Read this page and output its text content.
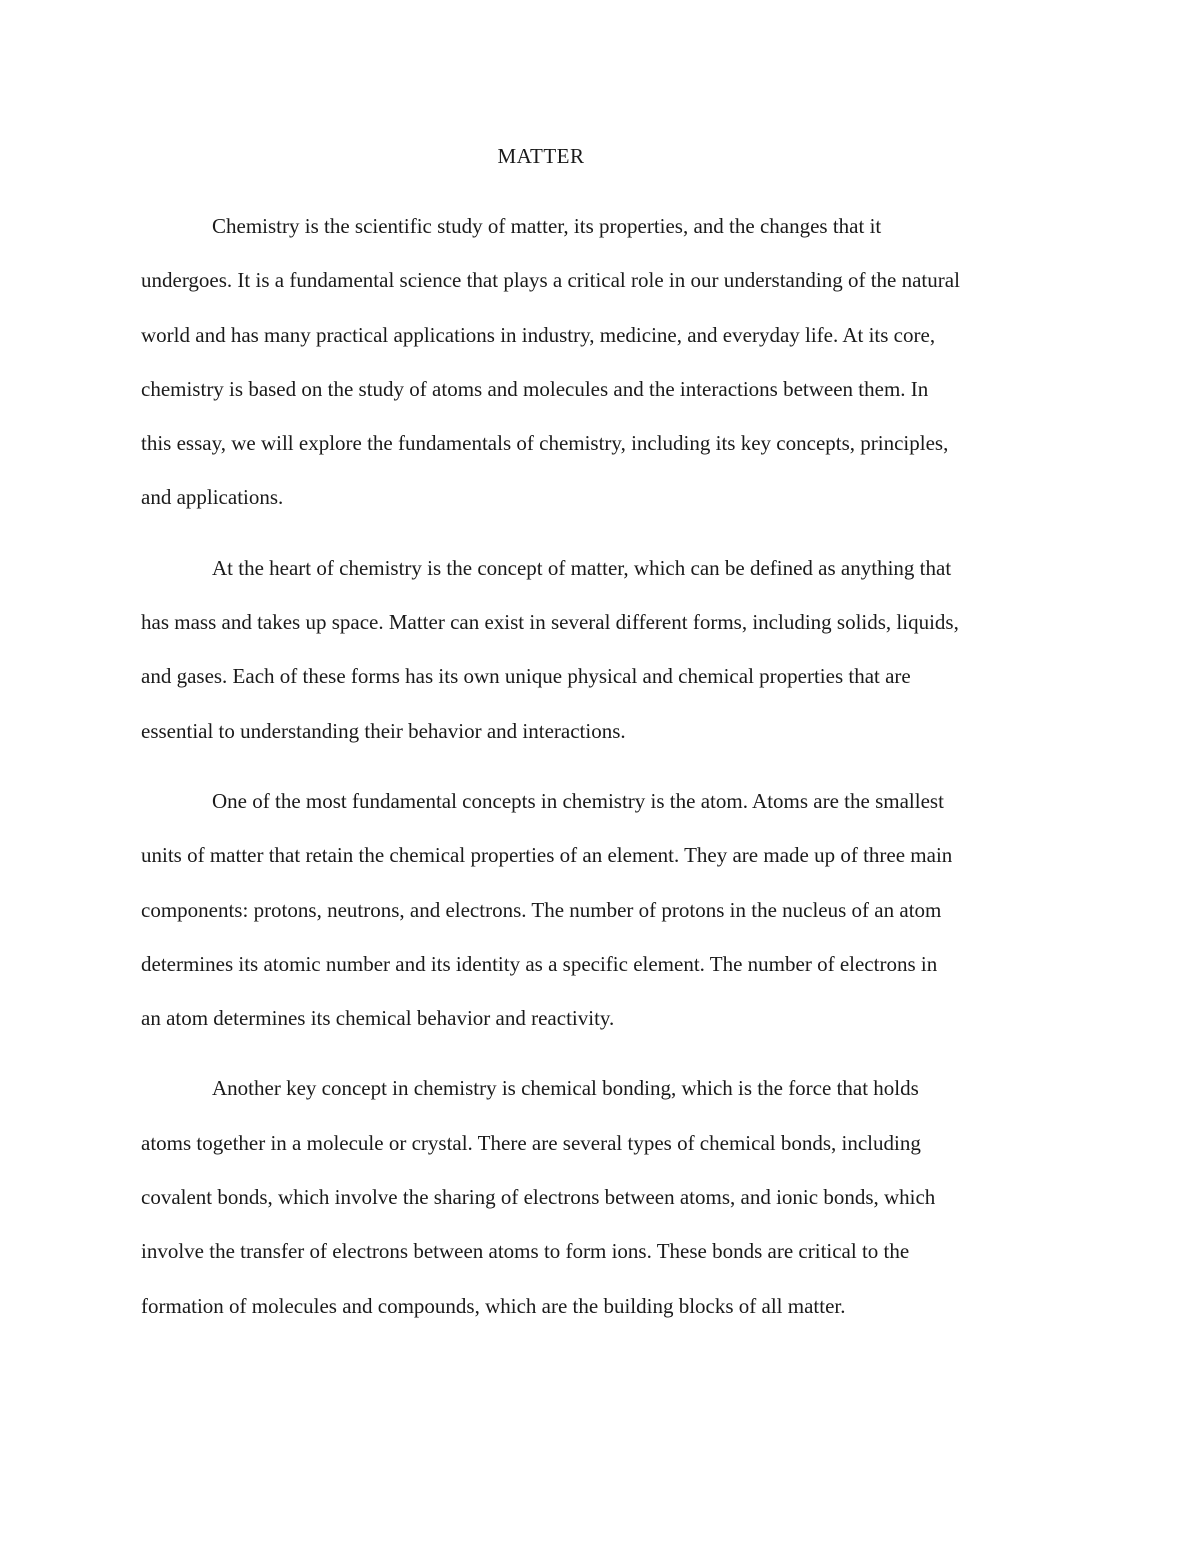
MATTER
Chemistry is the scientific study of matter, its properties, and the changes that it
undergoes. It is a fundamental science that plays a critical role in our understanding of the natural
world and has many practical applications in industry, medicine, and everyday life. At its core,
chemistry is based on the study of atoms and molecules and the interactions between them. In
this essay, we will explore the fundamentals of chemistry, including its key concepts, principles,
and applications.
At the heart of chemistry is the concept of matter, which can be defined as anything that
has mass and takes up space. Matter can exist in several different forms, including solids, liquids,
and gases. Each of these forms has its own unique physical and chemical properties that are
essential to understanding their behavior and interactions.
One of the most fundamental concepts in chemistry is the atom. Atoms are the smallest
units of matter that retain the chemical properties of an element. They are made up of three main
components: protons, neutrons, and electrons. The number of protons in the nucleus of an atom
determines its atomic number and its identity as a specific element. The number of electrons in
an atom determines its chemical behavior and reactivity.
Another key concept in chemistry is chemical bonding, which is the force that holds
atoms together in a molecule or crystal. There are several types of chemical bonds, including
covalent bonds, which involve the sharing of electrons between atoms, and ionic bonds, which
involve the transfer of electrons between atoms to form ions. These bonds are critical to the
formation of molecules and compounds, which are the building blocks of all matter.
